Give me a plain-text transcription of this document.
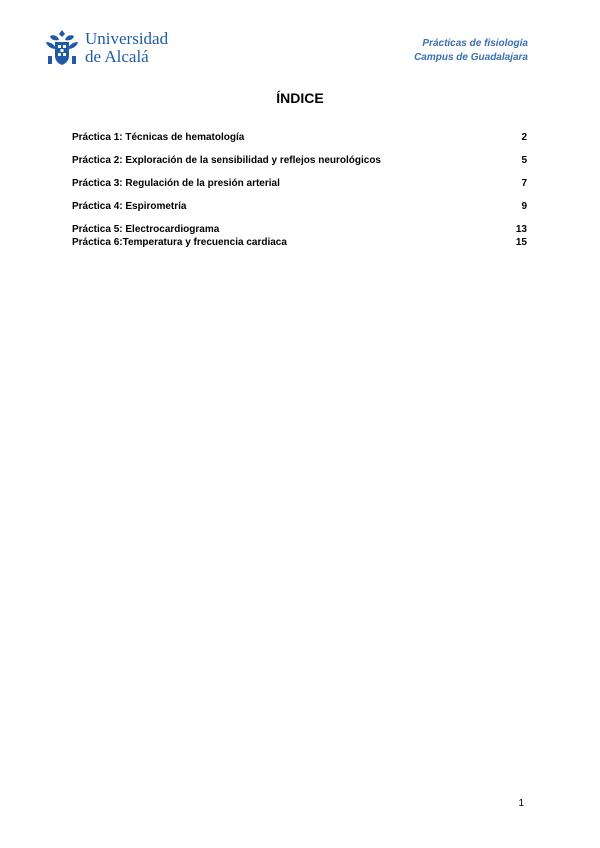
Universidad
de Alcalá
Prácticas de fisiología
Campus de Guadalajara
ÍNDICE
Práctica 1: Técnicas de hematología	2
Práctica 2: Exploración de la sensibilidad y reflejos neurológicos	5
Práctica 3: Regulación de la presión arterial	7
Práctica 4: Espirometría	9
Práctica 5: Electrocardiograma	13
Práctica 6:Temperatura y frecuencia cardiaca	15
1
